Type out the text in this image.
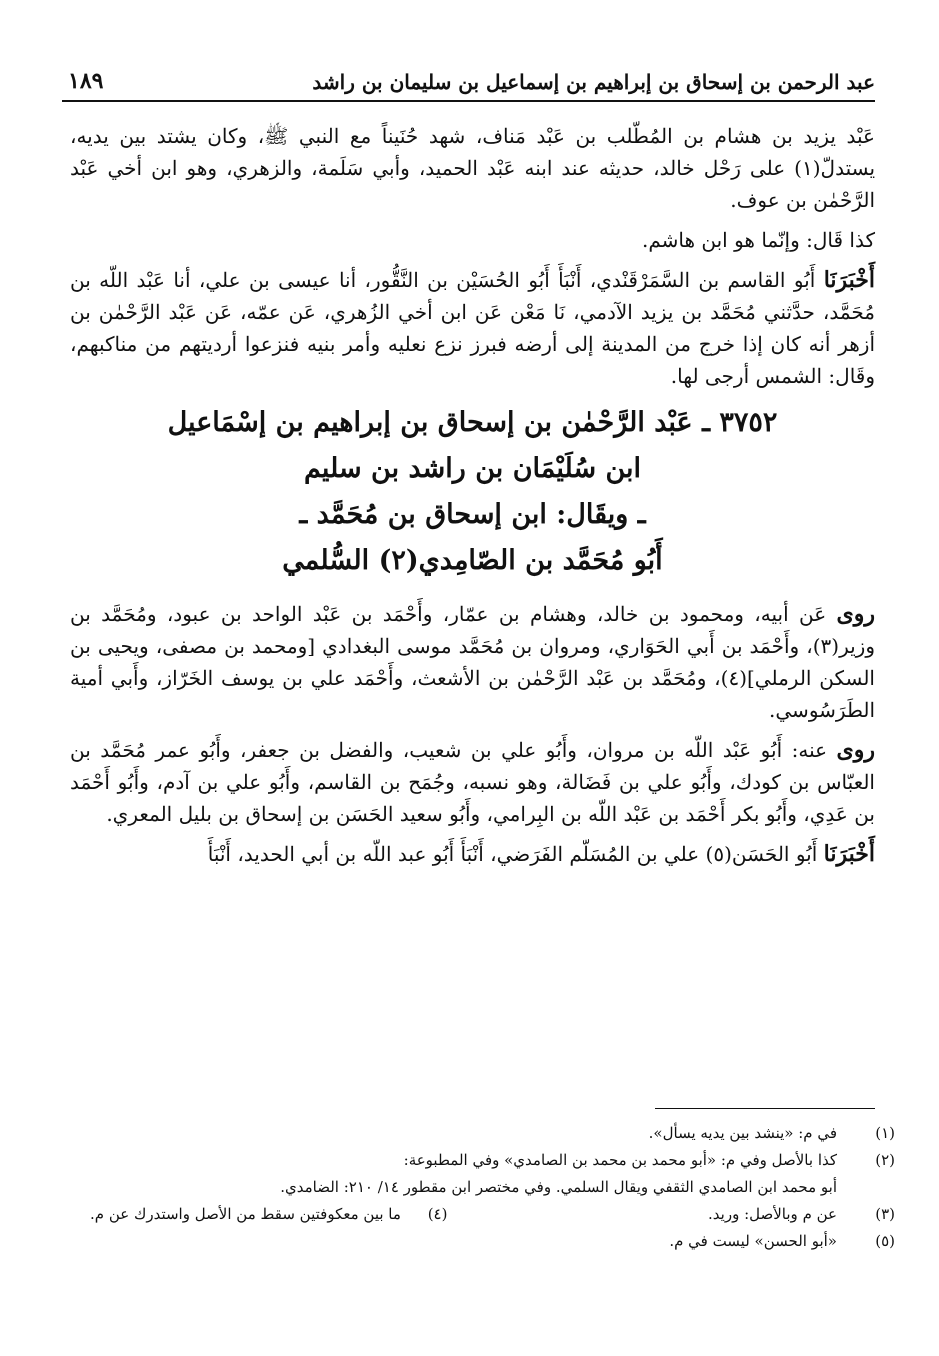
عبد الرحمن بن إسحاق بن إبراهيم بن إسماعيل بن سليمان بن راشد
١٨٩

عَبْد يزيد بن هشام بن المُطّلب بن عَبْد مَناف، شهد حُنَيناً مع النبي ﷺ، وكان يشتد بين يديه، يستدلّ(١) على رَحْل خالد، حديثه عند ابنه عَبْد الحميد، وأبي سَلَمة، والزهري، وهو ابن أخي عَبْد الرَّحْمٰن بن عوف.

كذا قَال: وإنّما هو ابن هاشم.

أَخْبَرَنَا أَبُو القاسم بن السَّمَرْقَنْدي، أَنْبَأَ أَبُو الحُسَيْن بن النَّقُّور، أنا عيسى بن علي، أنا عَبْد اللّه بن مُحَمَّد، حدَّثني مُحَمَّد بن يزيد الآدمي، نَا مَعْن عَن ابن أخي الزُهري، عَن عمّه، عَن عَبْد الرَّحْمٰن بن أزهر أنه كان إذا خرج من المدينة إلى أرضه فبرز نزع نعليه وأمر بنيه فنزعوا أرديتهم من مناكبهم، وقَال: الشمس أرجى لها.

٣٧٥٢ ـ عَبْد الرَّحْمٰن بن إسحاق بن إبراهيم بن إسْمَاعيل
ابن سُلَيْمَان بن راشد بن سليم
ـ ويقَال: ابن إسحاق بن مُحَمَّد ـ
أَبُو مُحَمَّد بن الصّامِدي(٢) السُّلمي

روى عَن أبيه، ومحمود بن خالد، وهشام بن عمّار، وأَحْمَد بن عَبْد الواحد بن عبود، ومُحَمَّد بن وزير(٣)، وأَحْمَد بن أَبي الحَوَاري، ومروان بن مُحَمَّد موسى البغدادي [ومحمد بن مصفى، ويحيى بن السكن الرملي](٤)، ومُحَمَّد بن عَبْد الرَّحْمٰن بن الأشعث، وأَحْمَد علي بن يوسف الخَرّاز، وأَبي أمية الطَرَسُوسي.

روى عنه: أَبُو عَبْد اللّه بن مروان، وأَبُو علي بن شعيب، والفضل بن جعفر، وأَبُو عمر مُحَمَّد بن العبّاس بن كودك، وأَبُو علي بن فَضَالة، وهو نسبه، وجُمَح بن القاسم، وأَبُو علي بن آدم، وأَبُو أَحْمَد بن عَدِي، وأَبُو بكر أَحْمَد بن عَبْد اللّه بن البِرامي، وأَبُو سعيد الحَسَن بن إسحاق بن بليل المعري.

أَخْبَرَنَا أَبُو الحَسَن(٥) علي بن المُسَلّم الفَرَضي، أَنْبَأَ أَبُو عبد اللّه بن أبي الحديد، أَنْبَأَ

(١)
في م: «ينشد بين يديه يسأل».
(٢)
كذا بالأصل وفي م: «أبو محمد بن محمد بن الصامدي» وفي المطبوعة:
أبو محمد ابن الصامدي الثقفي ويقال السلمي. وفي مختصر ابن مقطور ١٤/ ٢١٠: الضامدي.
(٣)
عن م وبالأصل: وريد.
(٤) ما بين معكوفتين سقط من الأصل واستدرك عن م.
(٥)
«أبو الحسن» ليست في م.
